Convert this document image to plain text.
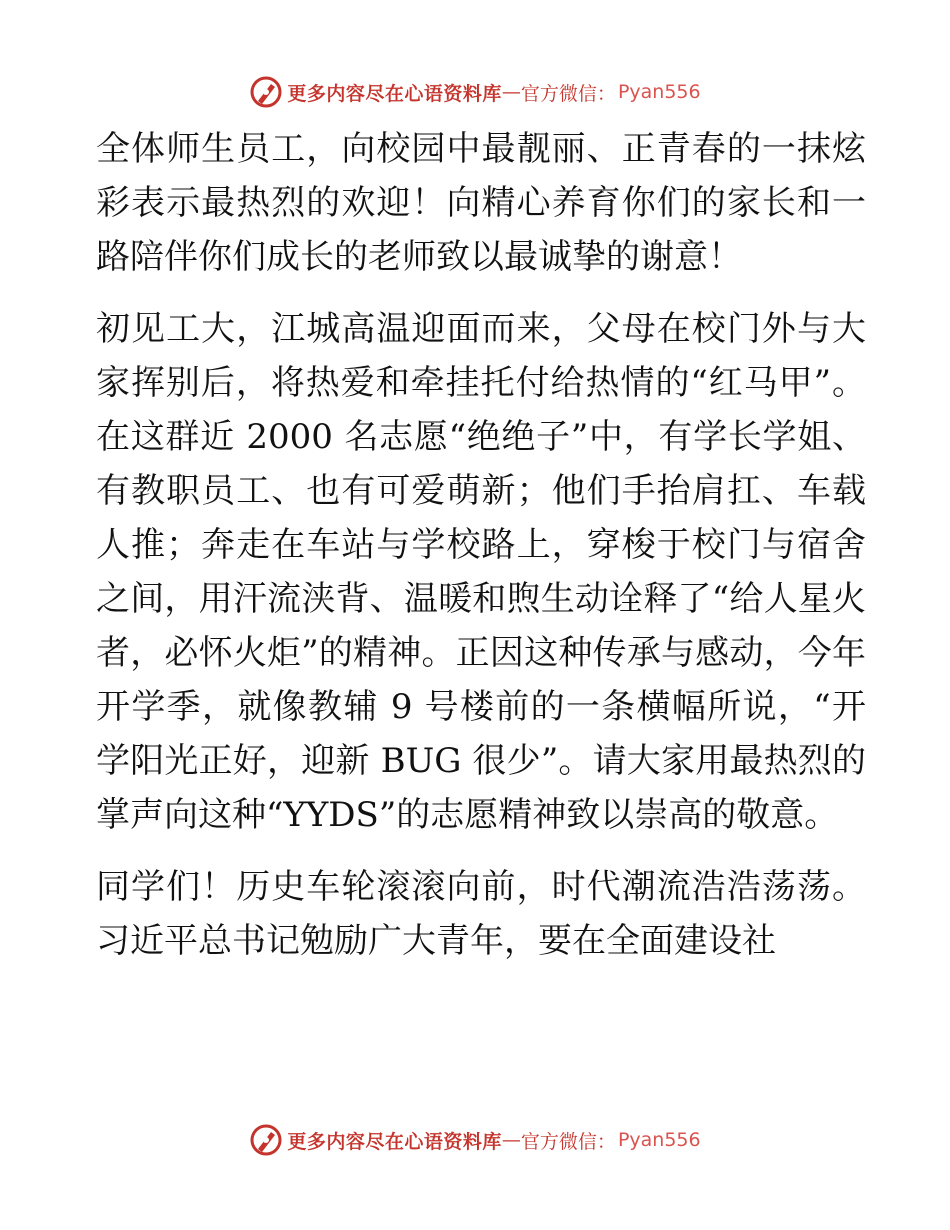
更多内容尽在心语资料库 — 官方微信： Pyan556

全体师生员工，向校园中最靓丽、正青春的一抹炫彩表示最热烈的欢迎！向精心养育你们的家长和一路陪伴你们成长的老师致以最诚挚的谢意！

初见工大，江城高温迎面而来，父母在校门外与大家挥别后，将热爱和牵挂托付给热情的“红马甲”。在这群近 2000 名志愿“绝绝子”中，有学长学姐、有教职员工、也有可爱萌新；他们手抬肩扛、车载人推；奔走在车站与学校路上，穿梭于校门与宿舍之间，用汗流浃背、温暖和煦生动诠释了“给人星火者，必怀火炬”的精神。正因这种传承与感动，今年开学季，就像教辅 9 号楼前的一条横幅所说，“开学阳光正好，迎新 BUG 很少”。请大家用最热烈的掌声向这种“YYDS”的志愿精神致以崇高的敬意。

同学们！历史车轮滚滚向前，时代潮流浩浩荡荡。习近平总书记勉励广大青年，要在全面建设社

更多内容尽在心语资料库 — 官方微信： Pyan556
